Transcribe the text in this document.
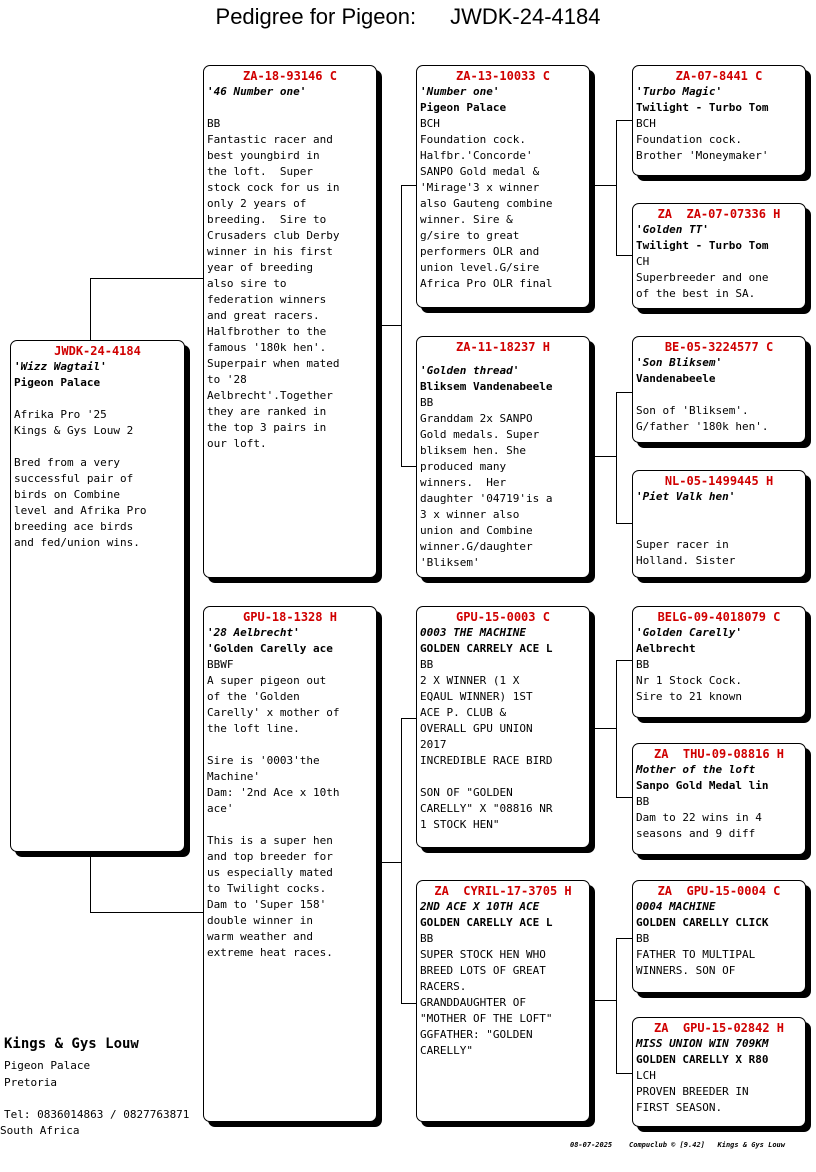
Pedigree for Pigeon: JWDK-24-4184
JWDK-24-4184
'Wizz Wagtail'
Pigeon Palace

Afrika Pro '25
Kings & Gys Louw 2

Bred from a very
successful pair of
birds on Combine
level and Afrika Pro
breeding ace birds
and fed/union wins.
ZA-18-93146 C
'46 Number one'
BB
Fantastic racer and
best youngbird in
the loft.  Super
stock cock for us in
only 2 years of
breeding.  Sire to
Crusaders club Derby
winner in his first
year of breeding
also sire to
federation winners
and great racers.
Halfbrother to the
famous '180k hen'.
Superpair when mated
to '28
Aelbrecht'.Together
they are ranked in
the top 3 pairs in
our loft.
GPU-18-1328 H
'28 Aelbrecht'
'Golden Carelly ace
BBWF
A super pigeon out
of the 'Golden
Carelly' x mother of
the loft line.

Sire is '0003'the
Machine'
Dam: '2nd Ace x 10th
ace'

This is a super hen
and top breeder for
us especially mated
to Twilight cocks.
Dam to 'Super 158'
double winner in
warm weather and
extreme heat races.
ZA-13-10033 C
'Number one'
Pigeon Palace
BCH
Foundation cock.
Halfbr.'Concorde'
SANPO Gold medal &
'Mirage'3 x winner
also Gauteng combine
winner. Sire &
g/sire to great
performers OLR and
union level.G/sire
Africa Pro OLR final
ZA-11-18237 H
'Golden thread'
Bliksem Vandenabeele
BB
Granddam 2x SANPO
Gold medals. Super
bliksem hen. She
produced many
winners.  Her
daughter '04719'is a
3 x winner also
union and Combine
winner.G/daughter
'Bliksem'
GPU-15-0003 C
0003 THE MACHINE
GOLDEN CARRELY ACE L
BB
2 X WINNER (1 X
EQAUL WINNER) 1ST
ACE P. CLUB &
OVERALL GPU UNION
2017
INCREDIBLE RACE BIRD

SON OF "GOLDEN
CARELLY" X "08816 NR
1 STOCK HEN"
ZA  CYRIL-17-3705 H
2ND ACE X 10TH ACE
GOLDEN CARELLY ACE L
BB
SUPER STOCK HEN WHO
BREED LOTS OF GREAT
RACERS.
GRANDDAUGHTER OF
"MOTHER OF THE LOFT"
GGFATHER: "GOLDEN
CARELLY"
ZA-07-8441 C
'Turbo Magic'
Twilight - Turbo Tom
BCH
Foundation cock.
Brother 'Moneymaker'
ZA  ZA-07-07336 H
'Golden TT'
Twilight - Turbo Tom
CH
Superbreeder and one
of the best in SA.
BE-05-3224577 C
'Son Bliksem'
Vandenabeele
Son of 'Bliksem'.
G/father '180k hen'.
NL-05-1499445 H
'Piet Valk hen'

Super racer in
Holland. Sister
BELG-09-4018079 C
'Golden Carelly'
Aelbrecht
BB
Nr 1 Stock Cock.
Sire to 21 known
ZA  THU-09-08816 H
Mother of the loft
Sanpo Gold Medal lin
BB
Dam to 22 wins in 4
seasons and 9 diff
ZA  GPU-15-0004 C
0004 MACHINE
GOLDEN CARELLY CLICK
BB
FATHER TO MULTIPAL
WINNERS. SON OF
ZA  GPU-15-02842 H
MISS UNION WIN 709KM
GOLDEN CARELLY X R80
LCH
PROVEN BREEDER IN
FIRST SEASON.
Kings & Gys Louw
Pigeon Palace
Pretoria
Tel: 0836014863 / 0827763871
South Africa
08-07-2025 Compuclub © [9.42] Kings & Gys Louw
